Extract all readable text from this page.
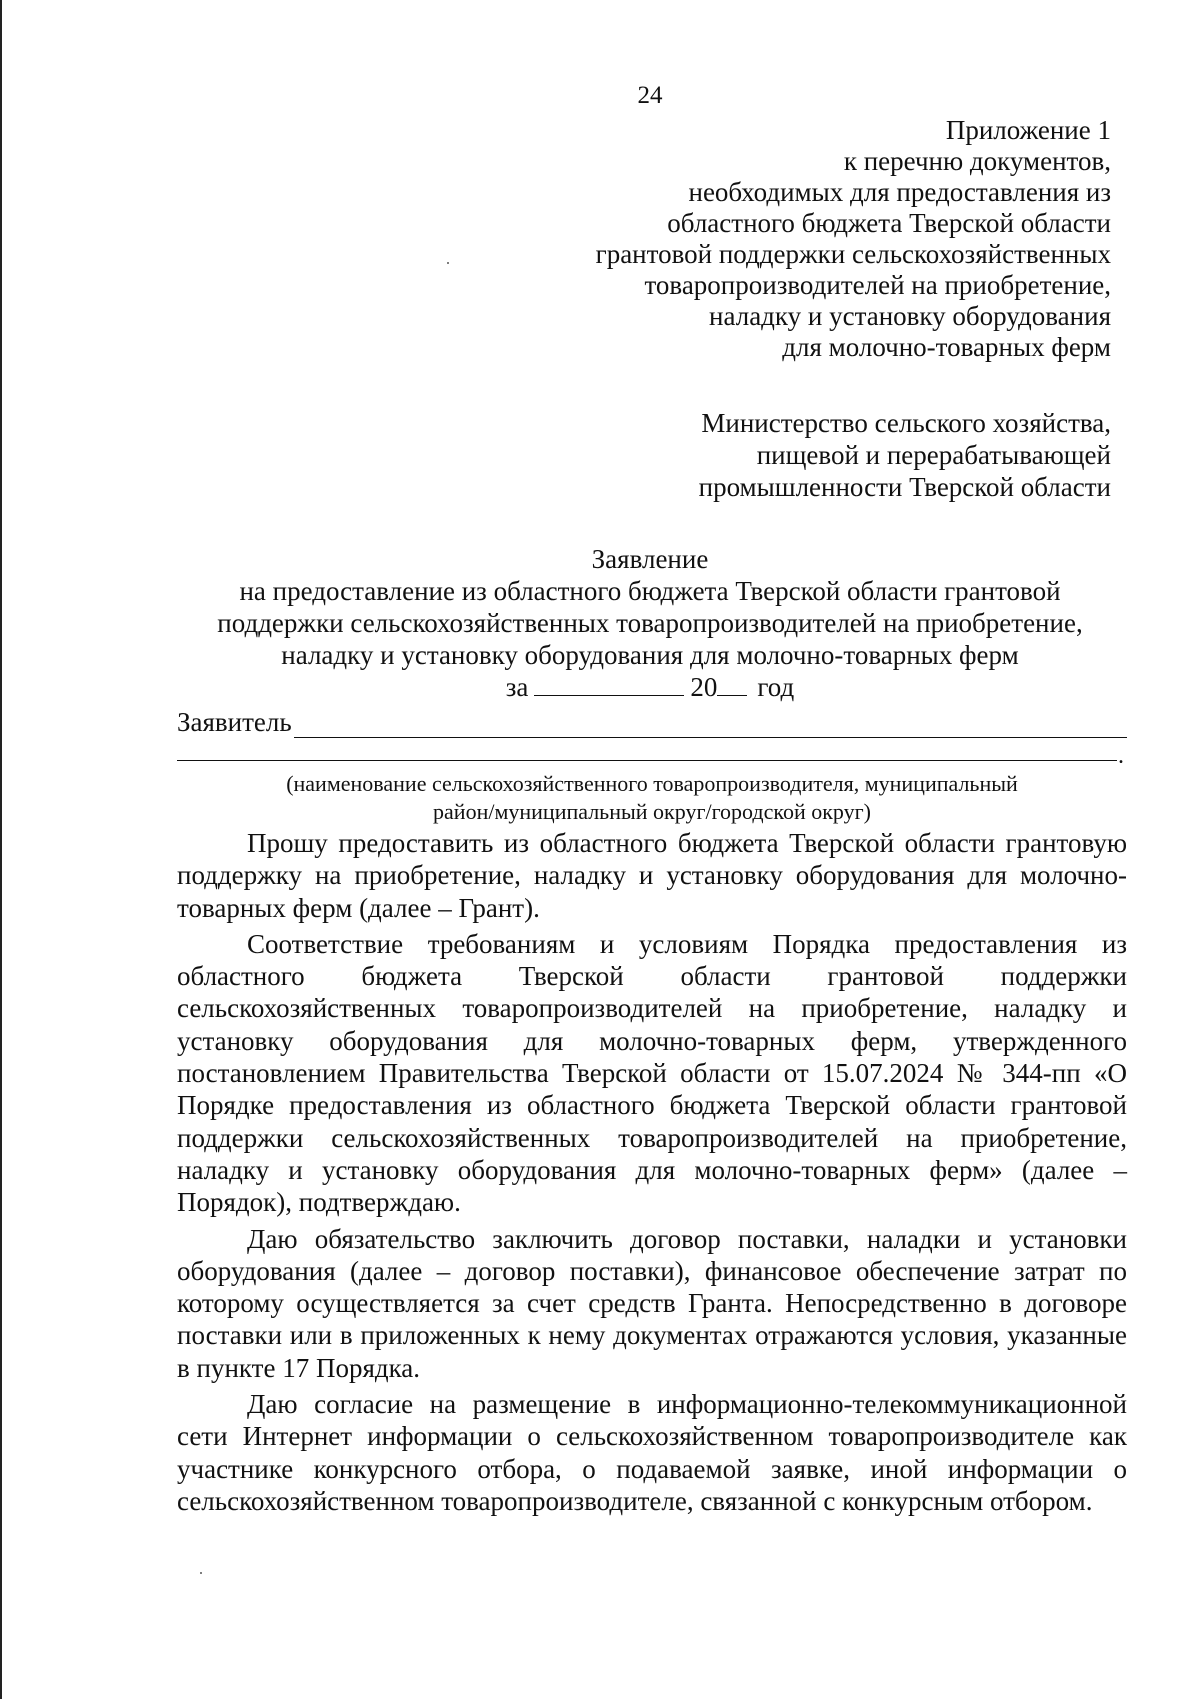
24
Приложение 1
к перечню документов,
необходимых для предоставления из
областного бюджета Тверской области
грантовой поддержки сельскохозяйственных
товаропроизводителей на приобретение,
наладку и установку оборудования
для молочно-товарных ферм
Министерство сельского хозяйства,
пищевой и перерабатывающей
промышленности Тверской области
Заявление
на предоставление из областного бюджета Тверской области грантовой
поддержки сельскохозяйственных товаропроизводителей на приобретение,
наладку и установку оборудования для молочно-товарных ферм
за	20 год
Заявитель
.
(наименование сельскохозяйственного товаропроизводителя, муниципальный
район/муниципальный округ/городской округ)

Прошу предоставить из областного бюджета Тверской области грантовую поддержку на приобретение, наладку и установку оборудования для молочно-товарных ферм (далее – Грант).

Соответствие требованиям и условиям Порядка предоставления из областного бюджета Тверской области грантовой поддержки сельскохозяйственных товаропроизводителей на приобретение, наладку и установку оборудования для молочно-товарных ферм, утвержденного постановлением Правительства Тверской области от 15.07.2024 № 344-пп «О Порядке предоставления из областного бюджета Тверской области грантовой поддержки сельскохозяйственных товаропроизводителей на приобретение, наладку и установку оборудования для молочно-товарных ферм» (далее – Порядок), подтверждаю.

Даю обязательство заключить договор поставки, наладки и установки оборудования (далее – договор поставки), финансовое обеспечение затрат по которому осуществляется за счет средств Гранта. Непосредственно в договоре поставки или в приложенных к нему документах отражаются условия, указанные в пункте 17 Порядка.

Даю согласие на размещение в информационно-телекоммуникационной сети Интернет информации о сельскохозяйственном товаропроизводителе как участнике конкурсного отбора, о подаваемой заявке, иной информации о сельскохозяйственном товаропроизводителе, связанной с конкурсным отбором.
